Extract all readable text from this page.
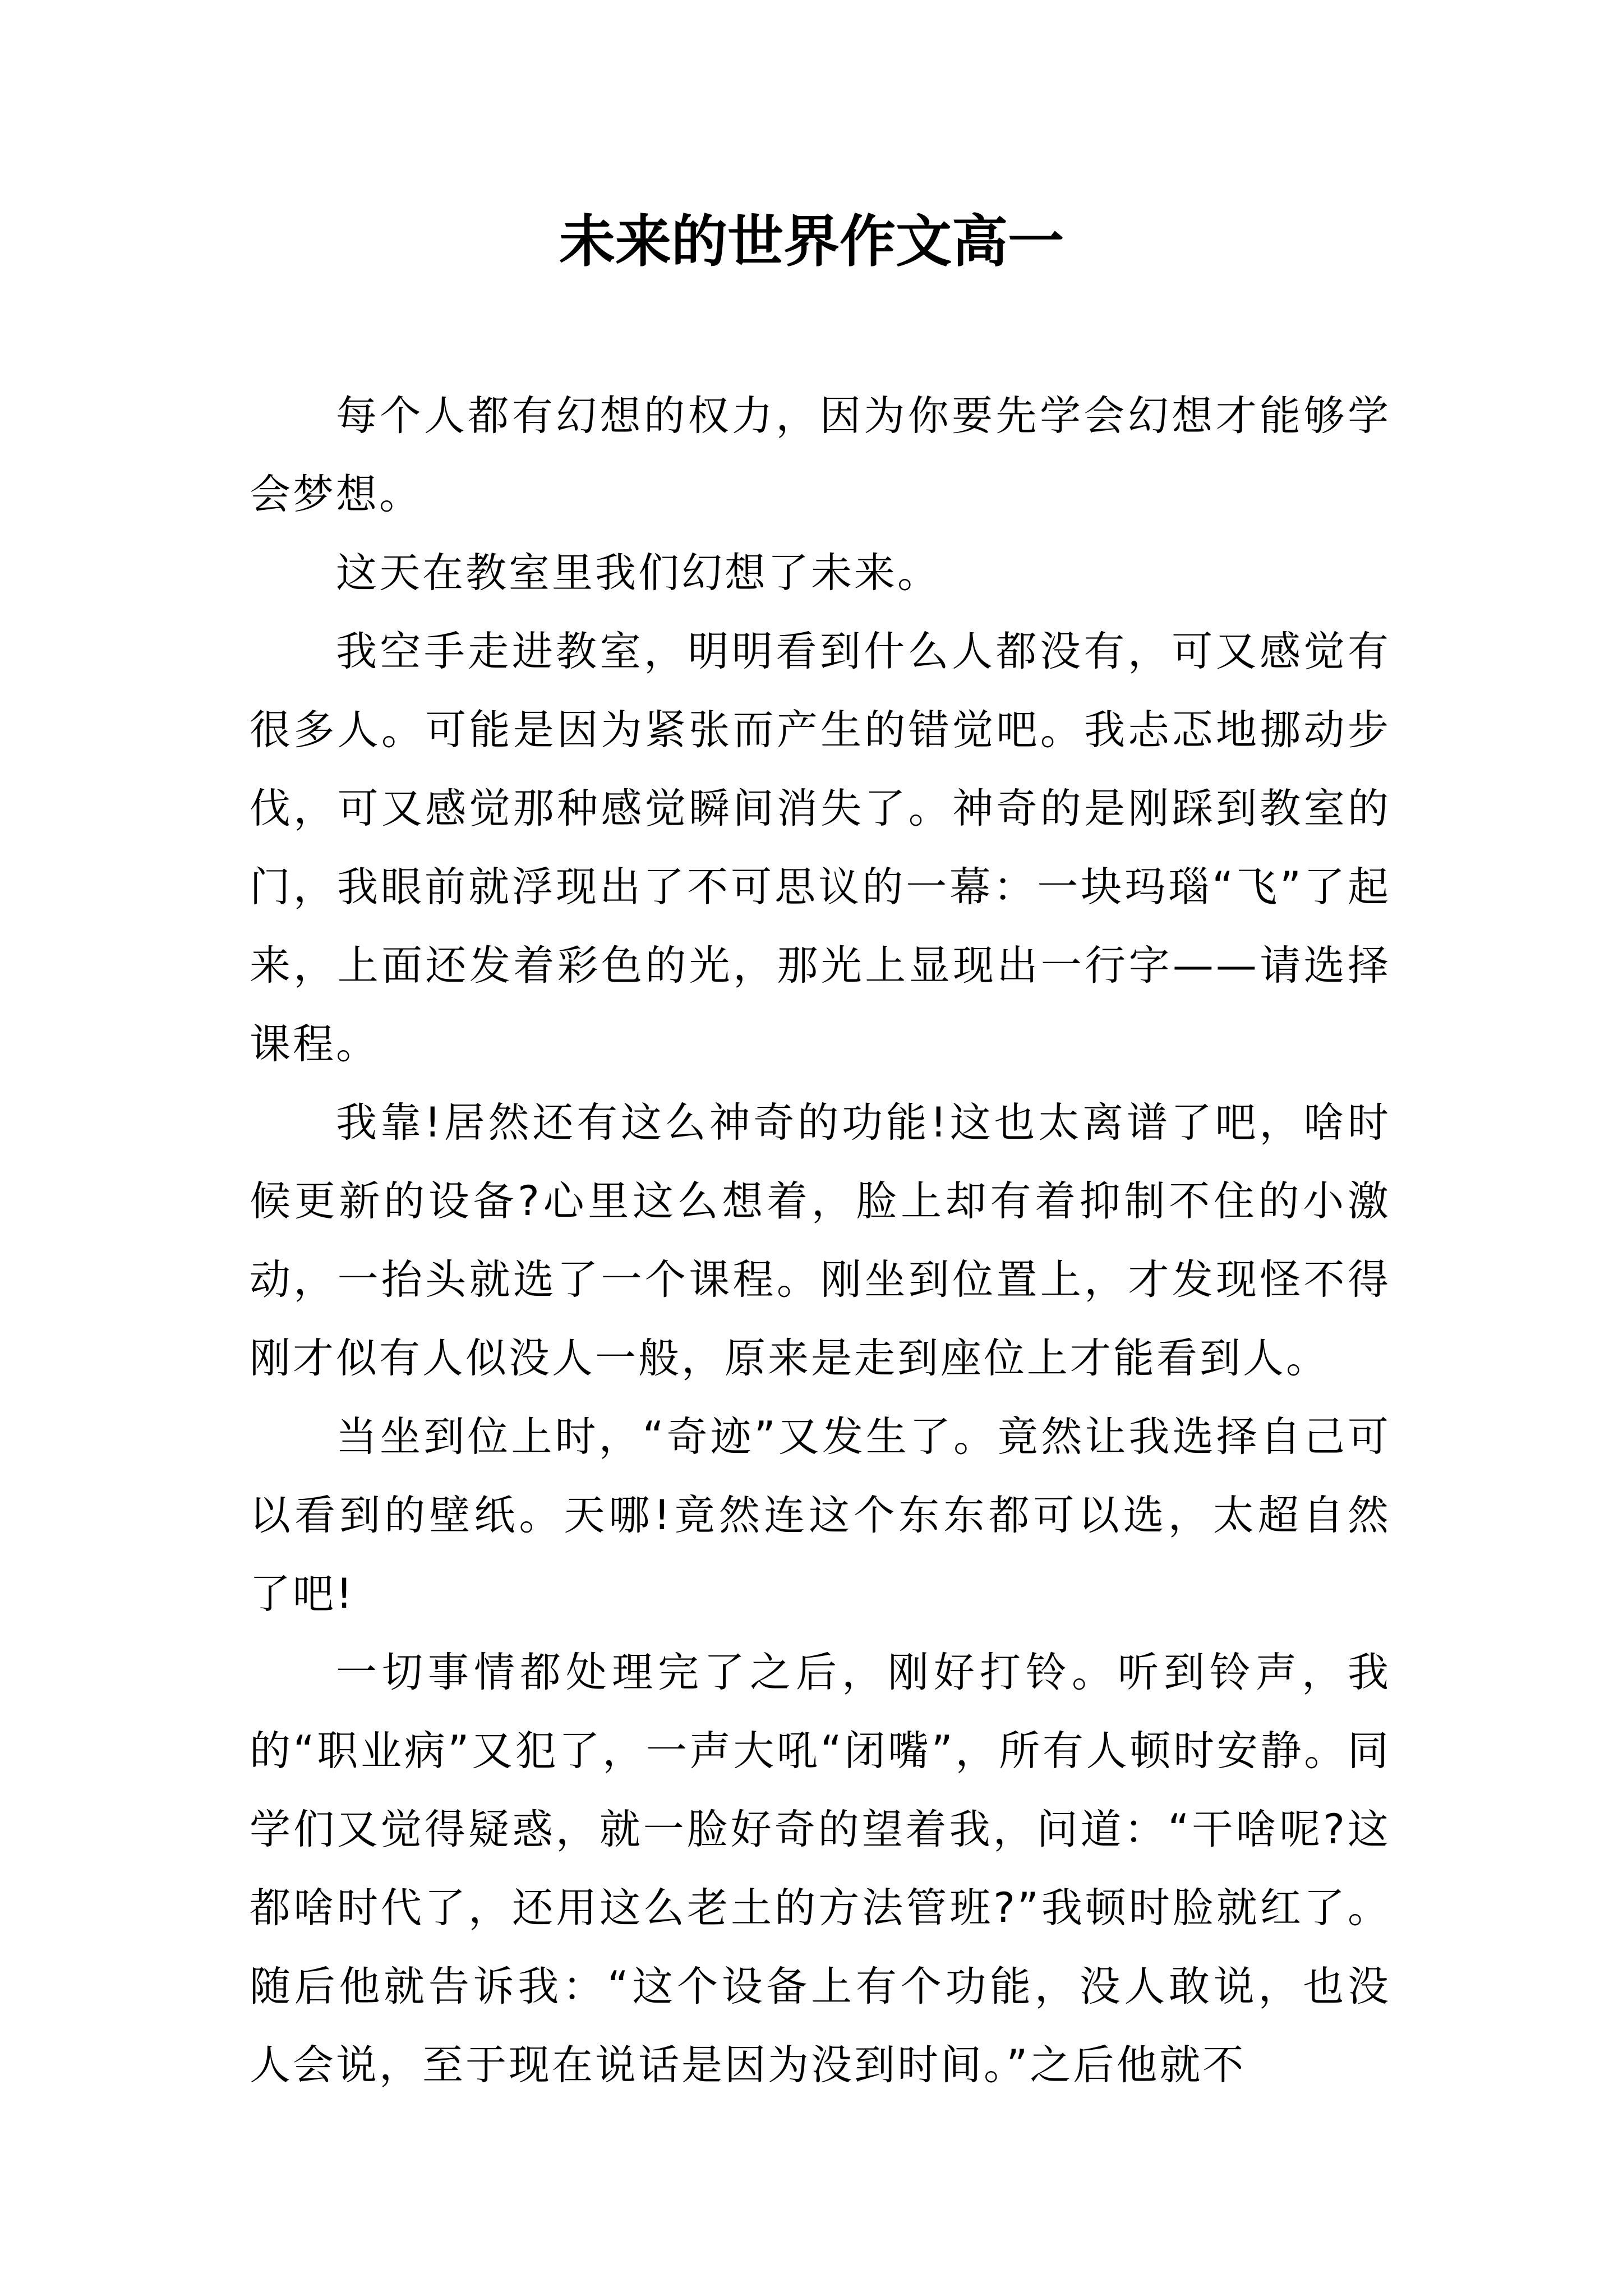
未来的世界作文高一

每个人都有幻想的权力，因为你要先学会幻想才能够学会梦想。

这天在教室里我们幻想了未来。

我空手走进教室，明明看到什么人都没有，可又感觉有很多人。可能是因为紧张而产生的错觉吧。我忐忑地挪动步伐，可又感觉那种感觉瞬间消失了。神奇的是刚踩到教室的门，我眼前就浮现出了不可思议的一幕：一块玛瑙“飞”了起来，上面还发着彩色的光，那光上显现出一行字——请选择课程。

我靠!居然还有这么神奇的功能!这也太离谱了吧，啥时候更新的设备?心里这么想着，脸上却有着抑制不住的小激动，一抬头就选了一个课程。刚坐到位置上，才发现怪不得刚才似有人似没人一般，原来是走到座位上才能看到人。

当坐到位上时，“奇迹”又发生了。竟然让我选择自己可以看到的壁纸。天哪!竟然连这个东东都可以选，太超自然了吧!

一切事情都处理完了之后，刚好打铃。听到铃声，我的“职业病”又犯了，一声大吼“闭嘴”，所有人顿时安静。同学们又觉得疑惑，就一脸好奇的望着我，问道：“干啥呢?这都啥时代了，还用这么老土的方法管班?”我顿时脸就红了。随后他就告诉我：“这个设备上有个功能，没人敢说，也没人会说，至于现在说话是因为没到时间。”之后他就不
